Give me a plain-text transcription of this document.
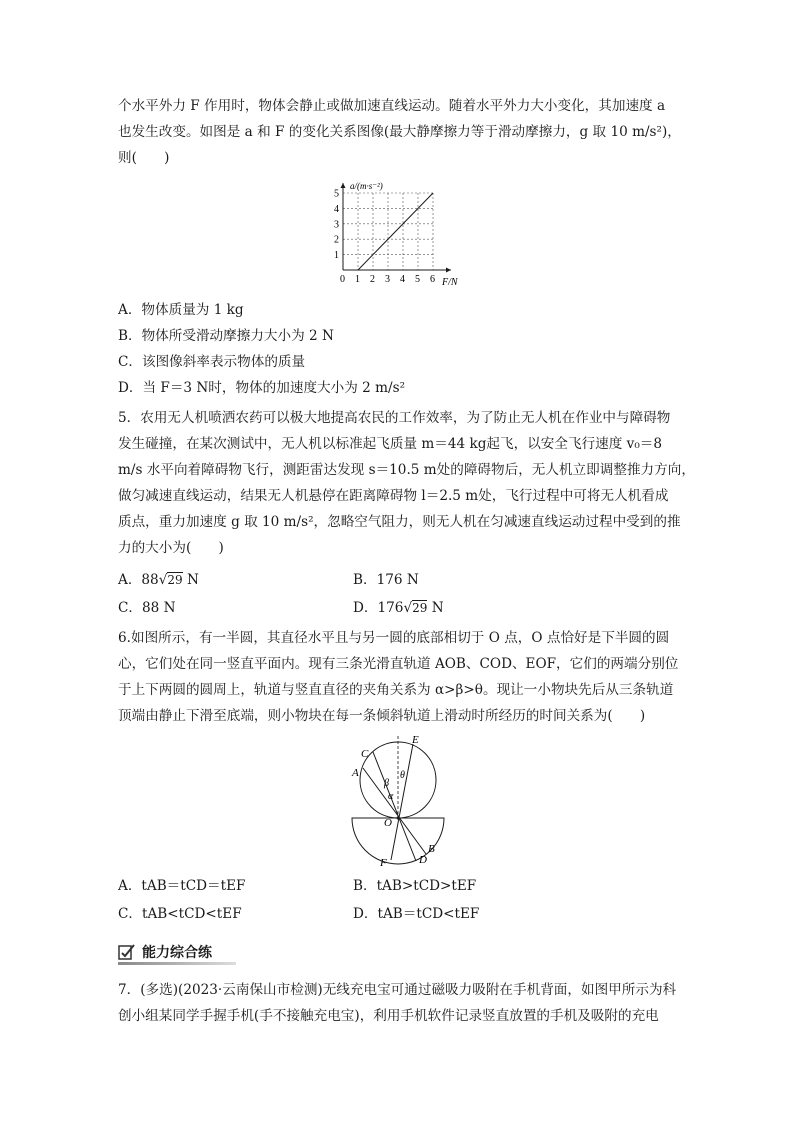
个水平外力 F 作用时，物体会静止或做加速直线运动。随着水平外力大小变化，其加速度 a
也发生改变。如图是 a 和 F 的变化关系图像(最大静摩擦力等于滑动摩擦力，g 取 10 m/s²)，
则(　　)
0 1 2 3 4 5 6
1
2
3
4
5
a/(m·s⁻²)
F/N
A．物体质量为 1 kg
B．物体所受滑动摩擦力大小为 2 N
C．该图像斜率表示物体的质量
D．当 F＝3 N时，物体的加速度大小为 2 m/s²
5．农用无人机喷洒农药可以极大地提高农民的工作效率，为了防止无人机在作业中与障碍物
发生碰撞，在某次测试中，无人机以标准起飞质量 m＝44 kg起飞，以安全飞行速度 v₀＝8
m/s 水平向着障碍物飞行，测距雷达发现 s＝10.5 m处的障碍物后，无人机立即调整推力方向，
做匀减速直线运动，结果无人机悬停在距离障碍物 l＝2.5 m处，飞行过程中可将无人机看成
质点，重力加速度 g 取 10 m/s²，忽略空气阻力，则无人机在匀减速直线运动过程中受到的推
力的大小为(　　)
A．88√29 N	B．176 N
C．88 N	D．176√29 N
6.如图所示，有一半圆，其直径水平且与另一圆的底部相切于 O 点，O 点恰好是下半圆的圆
心，它们处在同一竖直平面内。现有三条光滑直轨道 AOB、COD、EOF，它们的两端分别位
于上下两圆的圆周上，轨道与竖直直径的夹角关系为 α>β>θ。现让一小物块先后从三条轨道
顶端由静止下滑至底端，则小物块在每一条倾斜轨道上滑动时所经历的时间关系为(　　)
C
A
E
θ
β
α
O
B
D
F
A．tAB＝tCD＝tEF	B．tAB>tCD>tEF
C．tAB<tCD<tEF	D．tAB＝tCD<tEF
能力综合练
7．(多选)(2023·云南保山市检测)无线充电宝可通过磁吸力吸附在手机背面，如图甲所示为科
创小组某同学手握手机(手不接触充电宝)，利用手机软件记录竖直放置的手机及吸附的充电
